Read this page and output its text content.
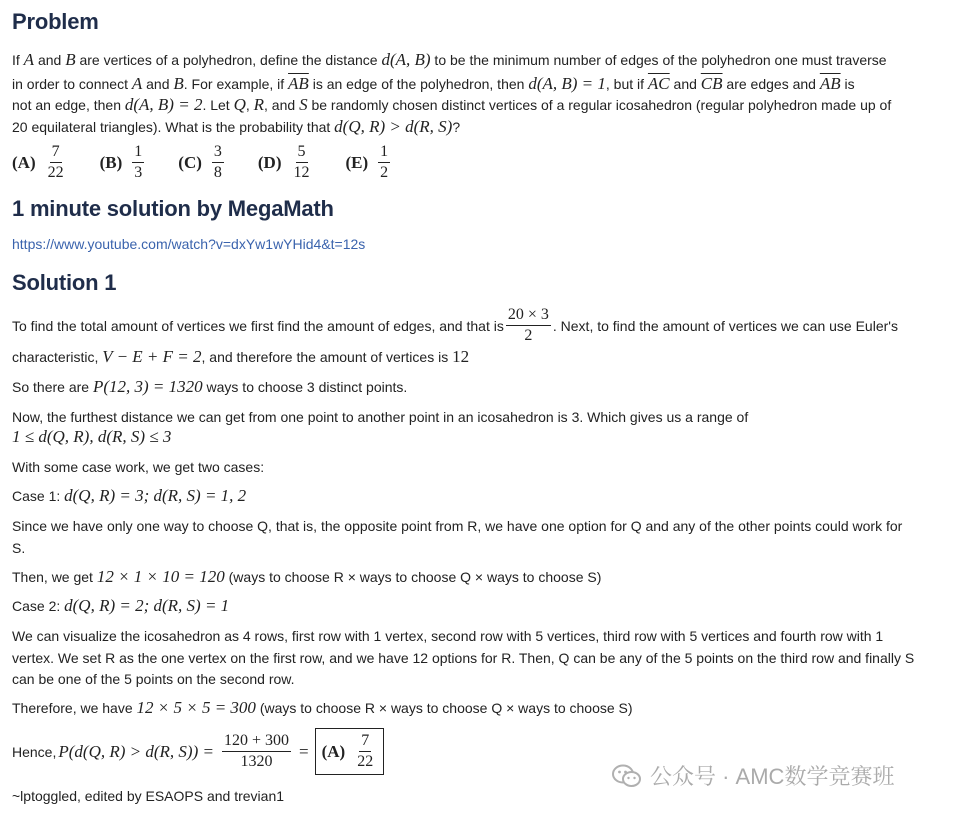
Problem

If A and B are vertices of a polyhedron, define the distance d(A, B) to be the minimum number of edges of the polyhedron one must traverse

in order to connect A and B. For example, if $\overline{AB}$ is an edge of the polyhedron, then d(A, B) = 1, but if $\overline{AC}$ and $\overline{CB}$ are edges and $\overline{AB}$ is

not an edge, then d(A, B) = 2. Let Q, R, and S be randomly chosen distinct vertices of a regular icosahedron (regular polyhedron made up of

20 equilateral triangles). What is the probability that d(Q, R) > d(R, S)?

$(A) \frac{7}{22} (B) \frac{1}{3} (C) \frac{3}{8} (D) \frac{5}{12} (E) \frac{1}{2}$
1 minute solution by MegaMath
https://www.youtube.com/watch?v=dxYw1wYHid4&t=12s
Solution 1

To find the total amount of vertices we first find the amount of edges, and that is $\frac{20 \times 3}{2}$ . Next, to find the amount of vertices we can use Euler's

characteristic, V − E + F = 2, and therefore the amount of vertices is 12

So there are P(12, 3) = 1320 ways to choose 3 distinct points.

Now, the furthest distance we can get from one point to another point in an icosahedron is 3. Which gives us a range of

1 ≤ d(Q, R), d(R, S) ≤ 3

With some case work, we get two cases:

Case 1: d(Q, R) = 3; d(R, S) = 1, 2

Since we have only one way to choose Q, that is, the opposite point from R, we have one option for Q and any of the other points could work for

S.

Then, we get 12 × 1 × 10 = 120 (ways to choose R × ways to choose Q × ways to choose S)

Case 2: d(Q, R) = 2; d(R, S) = 1

We can visualize the icosahedron as 4 rows, first row with 1 vertex, second row with 5 vertices, third row with 5 vertices and fourth row with 1

vertex. We set R as the one vertex on the first row, and we have 12 options for R. Then, Q can be any of the 5 points on the third row and finally S

can be one of the 5 points on the second row.

Therefore, we have 12 × 5 × 5 = 300 (ways to choose R × ways to choose Q × ways to choose S)

Hence, P(d(Q, R) > d(R, $S)) = \frac{120 + 300}{1320} = (A) \frac{7}{22}$

~lptoggled, edited by ESAOPS and trevian1

公众号 · AMC数学竞赛班
